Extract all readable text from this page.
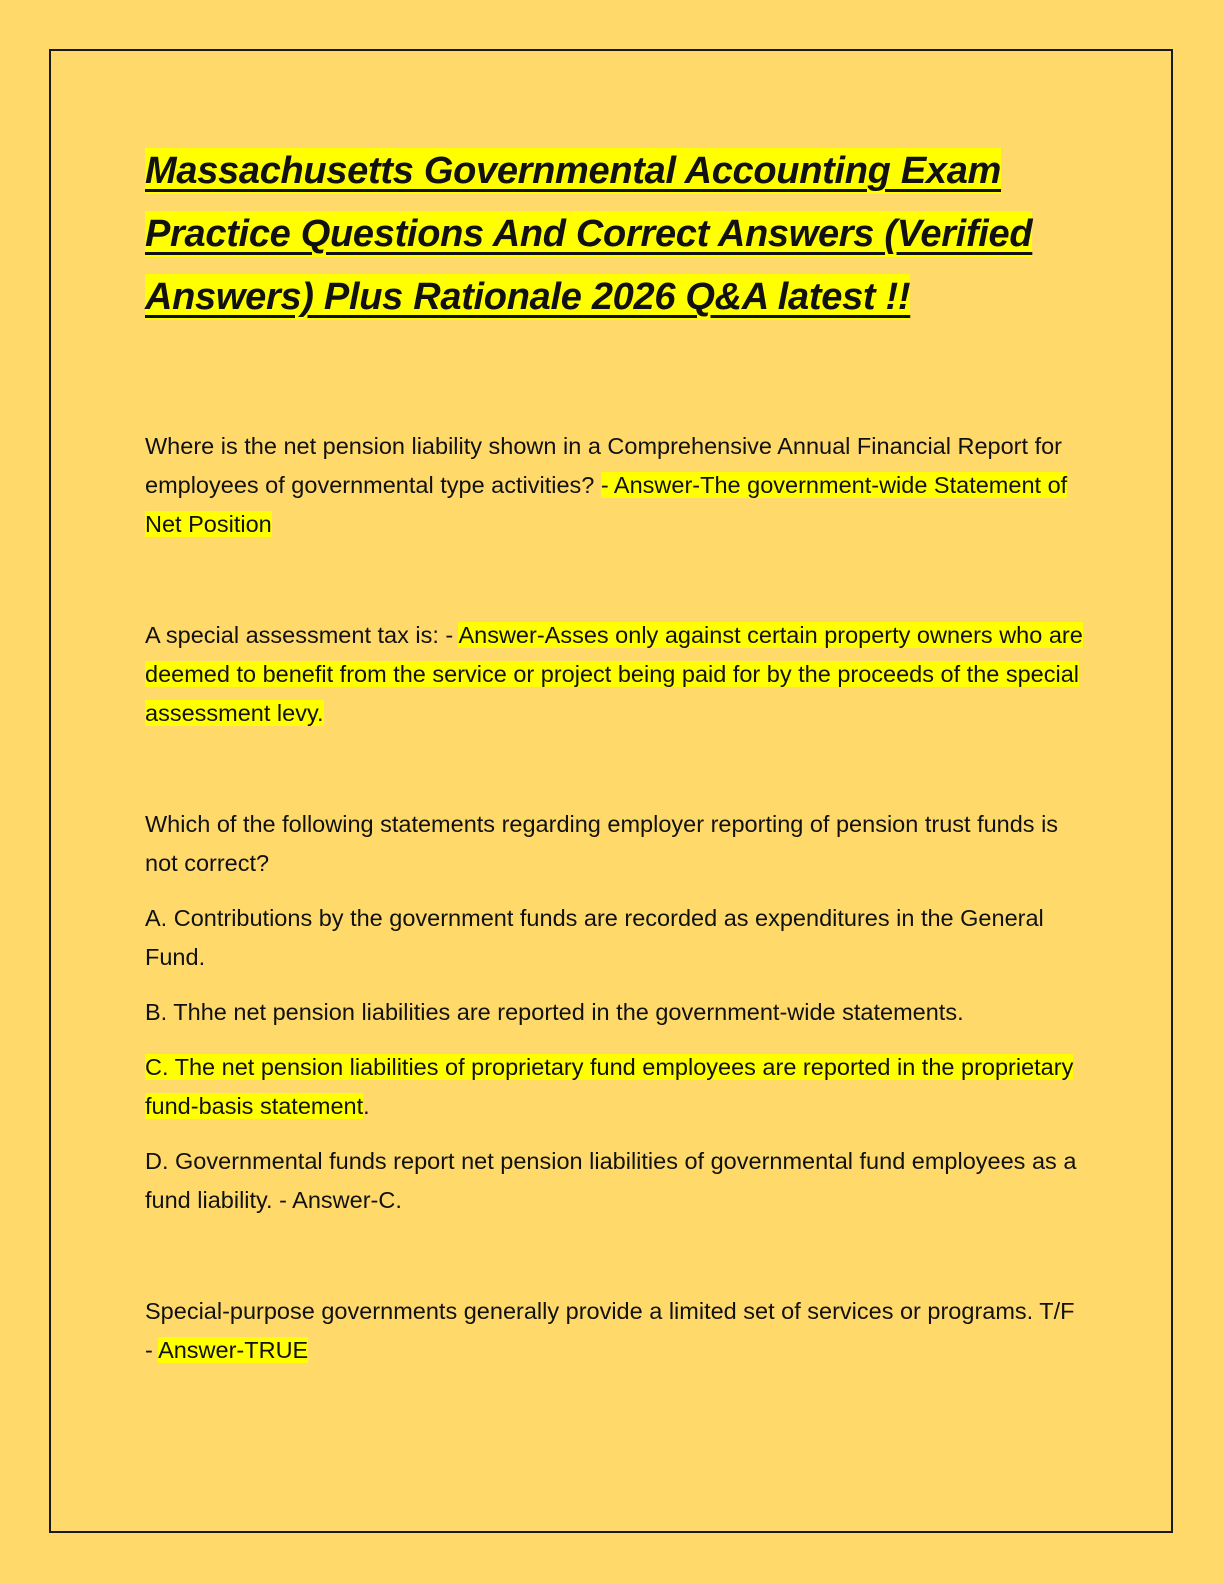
Massachusetts Governmental Accounting Exam Practice Questions And Correct Answers (Verified Answers) Plus Rationale 2026 Q&A latest !!

Where is the net pension liability shown in a Comprehensive Annual Financial Report for employees of governmental type activities? - Answer-The government-wide Statement of Net Position

A special assessment tax is: - Answer-Asses only against certain property owners who are deemed to benefit from the service or project being paid for by the proceeds of the special assessment levy.

Which of the following statements regarding employer reporting of pension trust funds is not correct?

A. Contributions by the government funds are recorded as expenditures in the General Fund.

B. Thhe net pension liabilities are reported in the government-wide statements.

C. The net pension liabilities of proprietary fund employees are reported in the proprietary fund-basis statement.

D. Governmental funds report net pension liabilities of governmental fund employees as a fund liability. - Answer-C.

Special-purpose governments generally provide a limited set of services or programs. T/F - Answer-TRUE
